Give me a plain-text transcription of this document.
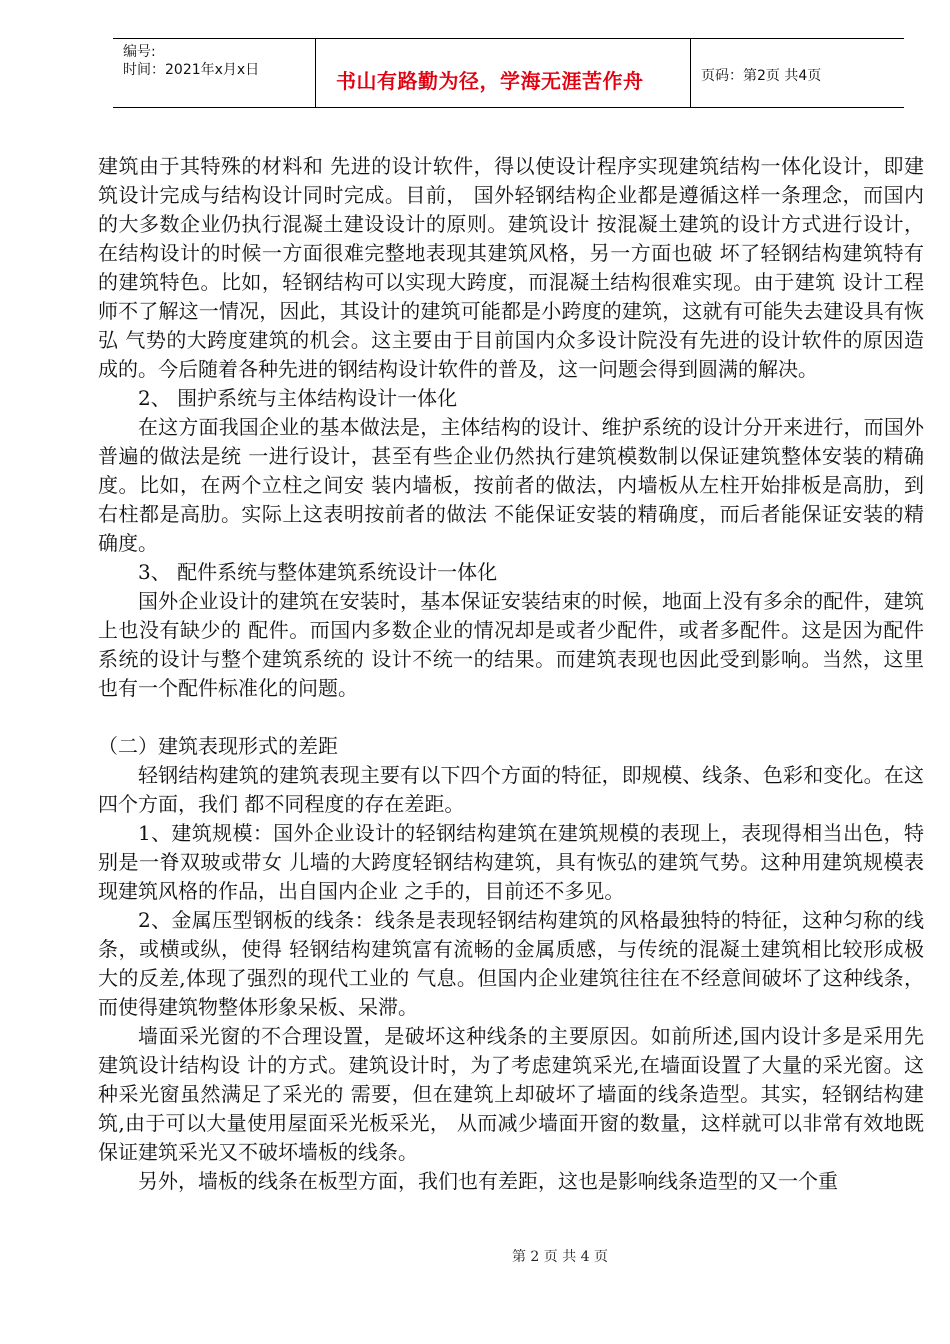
编号:
时间：2021年x月x日	书山有路勤为径，学海无涯苦作舟	页码：第2页 共4页

建筑由于其特殊的材料和 先进的设计软件，得以使设计程序实现建筑结构一体化设计，即建筑设计完成与结构设计同时完成。目前， 国外轻钢结构企业都是遵循这样一条理念，而国内的大多数企业仍执行混凝土建设设计的原则。建筑设计 按混凝土建筑的设计方式进行设计，在结构设计的时候一方面很难完整地表现其建筑风格，另一方面也破 坏了轻钢结构建筑特有的建筑特色。比如，轻钢结构可以实现大跨度，而混凝土结构很难实现。由于建筑 设计工程师不了解这一情况，因此，其设计的建筑可能都是小跨度的建筑，这就有可能失去建设具有恢弘 气势的大跨度建筑的机会。这主要由于目前国内众多设计院没有先进的设计软件的原因造成的。今后随着各种先进的钢结构设计软件的普及，这一问题会得到圆满的解决。

2、 围护系统与主体结构设计一体化

在这方面我国企业的基本做法是，主体结构的设计、维护系统的设计分开来进行，而国外普遍的做法是统 一进行设计，甚至有些企业仍然执行建筑模数制以保证建筑整体安装的精确度。比如，在两个立柱之间安 装内墙板，按前者的做法，内墙板从左柱开始排板是高肋，到右柱都是高肋。实际上这表明按前者的做法 不能保证安装的精确度，而后者能保证安装的精确度。

3、 配件系统与整体建筑系统设计一体化

国外企业设计的建筑在安装时，基本保证安装结束的时候，地面上没有多余的配件，建筑上也没有缺少的 配件。而国内多数企业的情况却是或者少配件，或者多配件。这是因为配件系统的设计与整个建筑系统的 设计不统一的结果。而建筑表现也因此受到影响。当然，这里也有一个配件标准化的问题。

（二）建筑表现形式的差距

轻钢结构建筑的建筑表现主要有以下四个方面的特征，即规模、线条、色彩和变化。在这四个方面，我们 都不同程度的存在差距。

1、建筑规模：国外企业设计的轻钢结构建筑在建筑规模的表现上，表现得相当出色，特别是一脊双玻或带女 儿墙的大跨度轻钢结构建筑，具有恢弘的建筑气势。这种用建筑规模表现建筑风格的作品，出自国内企业 之手的，目前还不多见。

2、金属压型钢板的线条：线条是表现轻钢结构建筑的风格最独特的特征，这种匀称的线条，或横或纵，使得 轻钢结构建筑富有流畅的金属质感，与传统的混凝土建筑相比较形成极大的反差,体现了强烈的现代工业的 气息。但国内企业建筑往往在不经意间破坏了这种线条，而使得建筑物整体形象呆板、呆滞。

墙面采光窗的不合理设置，是破坏这种线条的主要原因。如前所述,国内设计多是采用先建筑设计结构设 计的方式。建筑设计时，为了考虑建筑采光,在墙面设置了大量的采光窗。这种采光窗虽然满足了采光的 需要，但在建筑上却破坏了墙面的线条造型。其实，轻钢结构建筑,由于可以大量使用屋面采光板采光， 从而减少墙面开窗的数量，这样就可以非常有效地既保证建筑采光又不破坏墙板的线条。

另外，墙板的线条在板型方面，我们也有差距，这也是影响线条造型的又一个重

第 2 页 共 4 页
